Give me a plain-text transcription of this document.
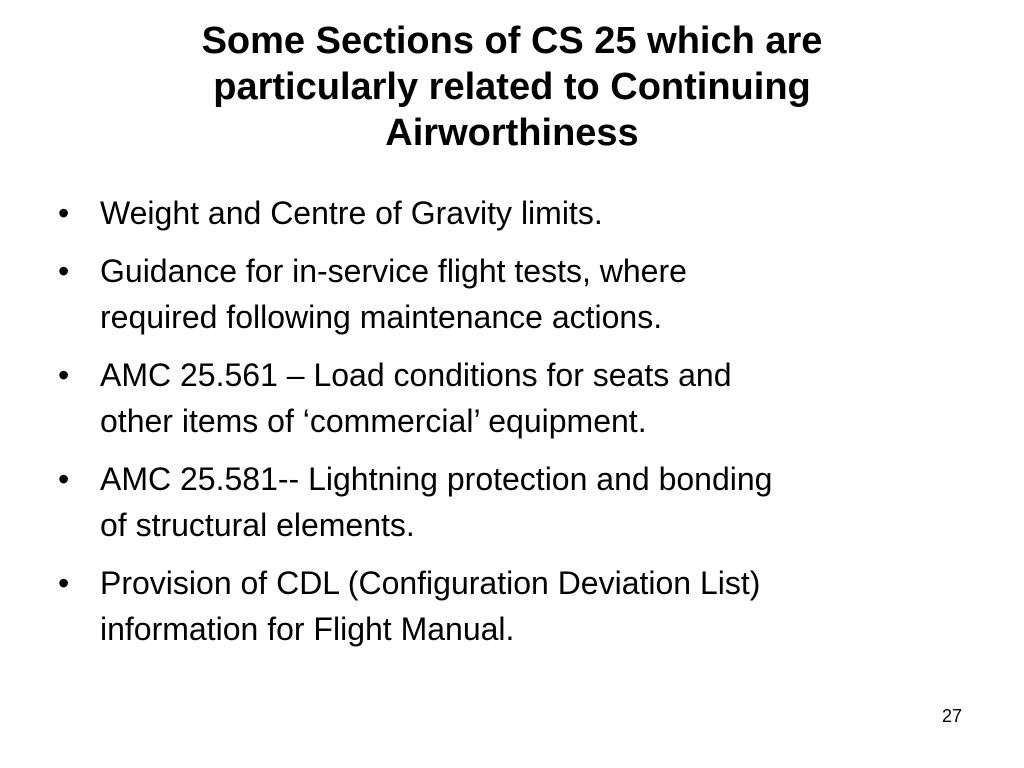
Some Sections of CS 25 which are
particularly related to Continuing
Airworthiness
• Weight and Centre of Gravity limits.
• Guidance for in-service flight tests, where
required following maintenance actions.
• AMC 25.561 – Load conditions for seats and
other items of ‘commercial’ equipment.
• AMC 25.581-- Lightning protection and bonding
of structural elements.
• Provision of CDL (Configuration Deviation List)
information for Flight Manual.
27
